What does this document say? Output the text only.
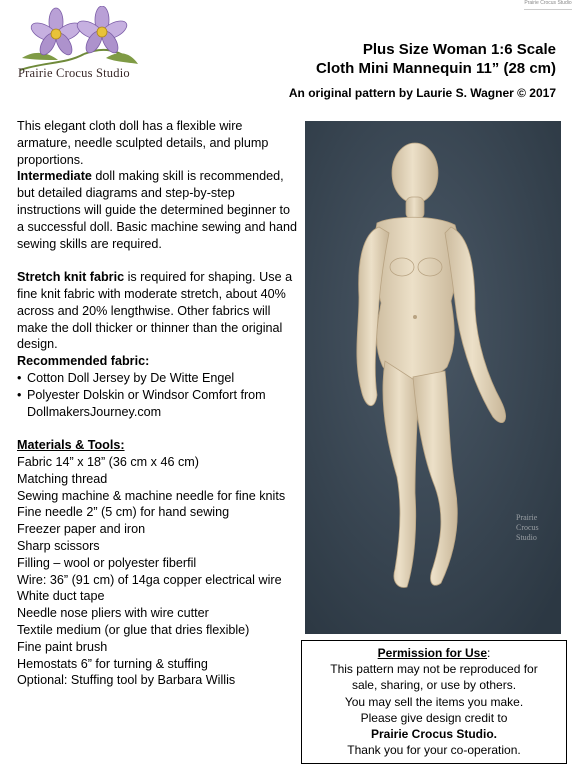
Prairie Crocus Studio
Prairie Crocus Studio
Plus Size Woman 1:6 Scale
Cloth Mini Mannequin 11” (28 cm)
An original pattern by Laurie S. Wagner © 2017

This elegant cloth doll has a flexible wire armature, needle sculpted details, and plump proportions.

Intermediate doll making skill is recommended, but detailed diagrams and step-by-step instructions will guide the determined beginner to a successful doll. Basic machine sewing and hand sewing skills are required.

Stretch knit fabric is required for shaping. Use a fine knit fabric with moderate stretch, about 40% across and 20% lengthwise. Other fabrics will make the doll thicker or thinner than the original design.

Recommended fabric:

• Cotton Doll Jersey by De Witte Engel
• Polyester Dolskin or Windsor Comfort from DollmakersJourney.com

Materials & Tools:

Fabric 14” x 18” (36 cm x 46 cm)

Matching thread

Sewing machine & machine needle for fine knits

Fine needle 2” (5 cm) for hand sewing

Freezer paper and iron

Sharp scissors

Filling – wool or polyester fiberfil

Wire: 36” (91 cm) of 14ga copper electrical wire

White duct tape

Needle nose pliers with wire cutter

Textile medium (or glue that dries flexible)

Fine paint brush

Hemostats 6” for turning & stuffing

Optional: Stuffing tool by Barbara Willis

Prairie
Crocus
Studio
Permission for Use:
This pattern may not be reproduced for
sale, sharing, or use by others.
You may sell the items you make.
Please give design credit to
Prairie Crocus Studio.
Thank you for your co-operation.
